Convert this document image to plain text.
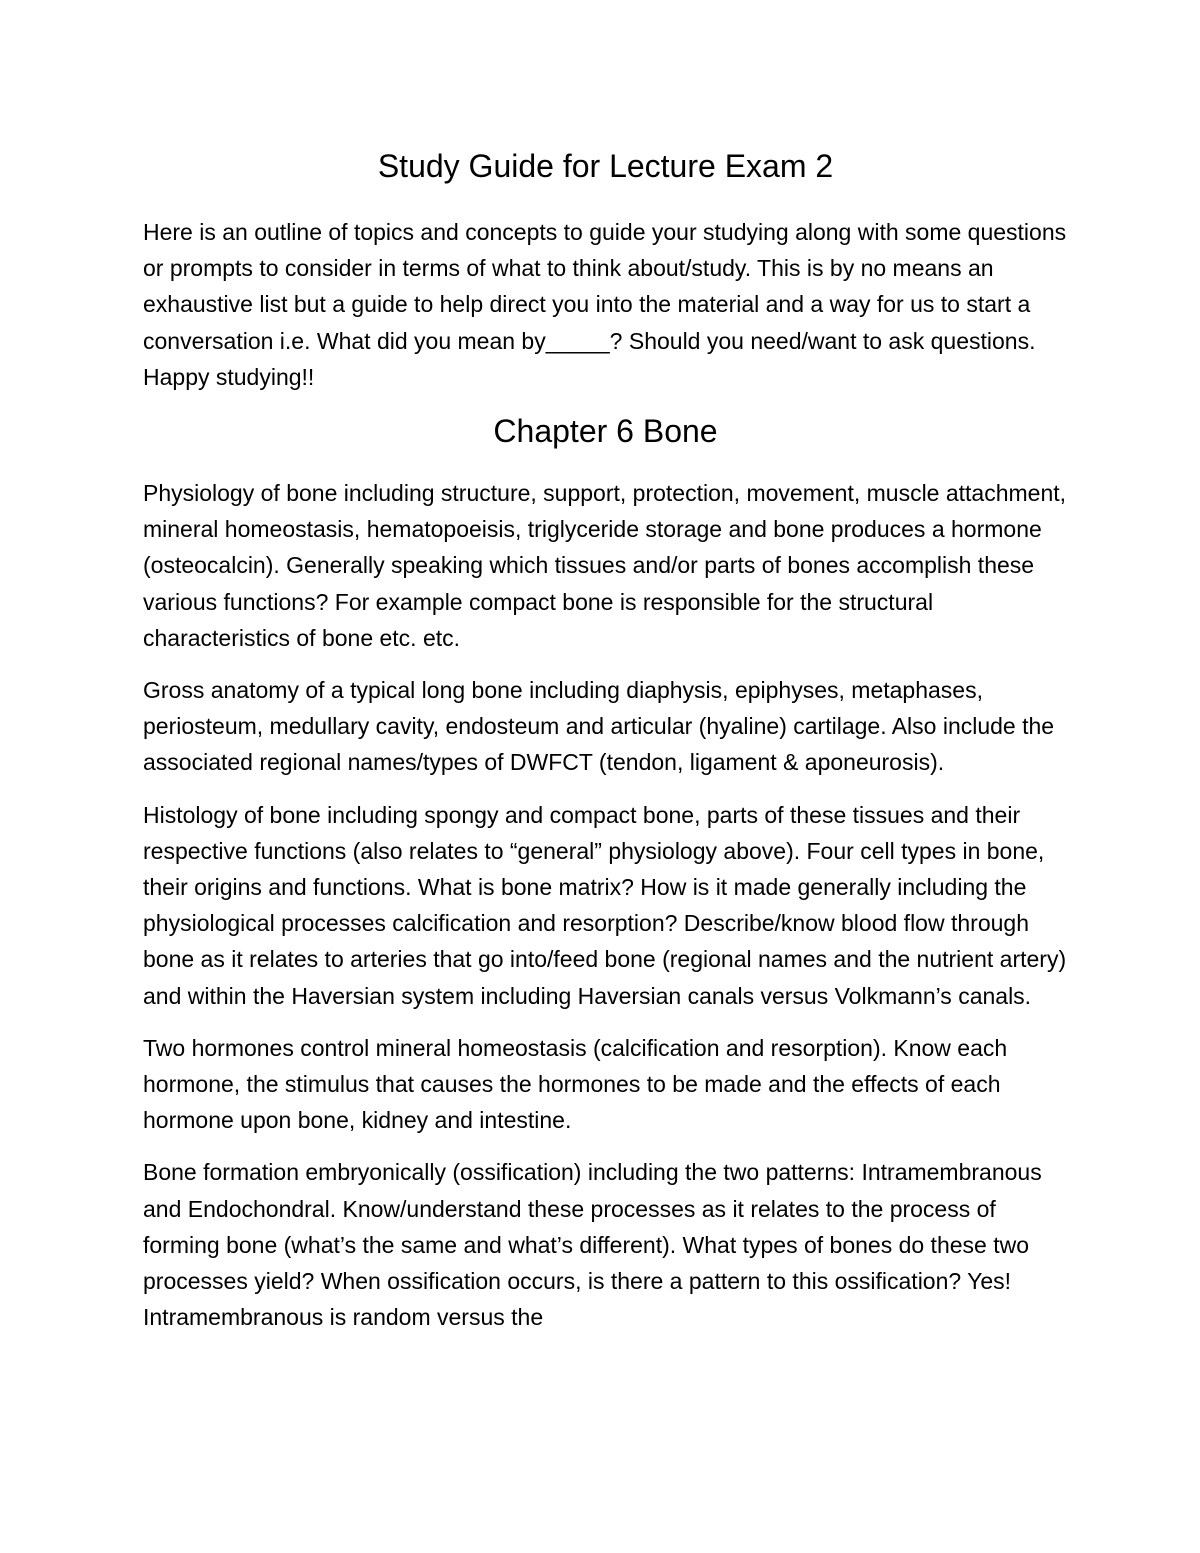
Study Guide for Lecture Exam 2

Here is an outline of topics and concepts to guide your studying along with some questions or prompts to consider in terms of what to think about/study. This is by no means an exhaustive list but a guide to help direct you into the material and a way for us to start a conversation i.e. What did you mean by_____? Should you need/want to ask questions. Happy studying!!

Chapter 6 Bone

Physiology of bone including structure, support, protection, movement, muscle attachment, mineral homeostasis, hematopoeisis, triglyceride storage and bone produces a hormone (osteocalcin). Generally speaking which tissues and/or parts of bones accomplish these various functions? For example compact bone is responsible for the structural characteristics of bone etc. etc.

Gross anatomy of a typical long bone including diaphysis, epiphyses, metaphases, periosteum, medullary cavity, endosteum and articular (hyaline) cartilage. Also include the associated regional names/types of DWFCT (tendon, ligament & aponeurosis).

Histology of bone including spongy and compact bone, parts of these tissues and their respective functions (also relates to “general” physiology above). Four cell types in bone, their origins and functions. What is bone matrix? How is it made generally including the physiological processes calcification and resorption? Describe/know blood flow through bone as it relates to arteries that go into/feed bone (regional names and the nutrient artery) and within the Haversian system including Haversian canals versus Volkmann’s canals.

Two hormones control mineral homeostasis (calcification and resorption). Know each hormone, the stimulus that causes the hormones to be made and the effects of each hormone upon bone, kidney and intestine.

Bone formation embryonically (ossification) including the two patterns: Intramembranous and Endochondral. Know/understand these processes as it relates to the process of forming bone (what’s the same and what’s different). What types of bones do these two processes yield? When ossification occurs, is there a pattern to this ossification? Yes! Intramembranous is random versus the
